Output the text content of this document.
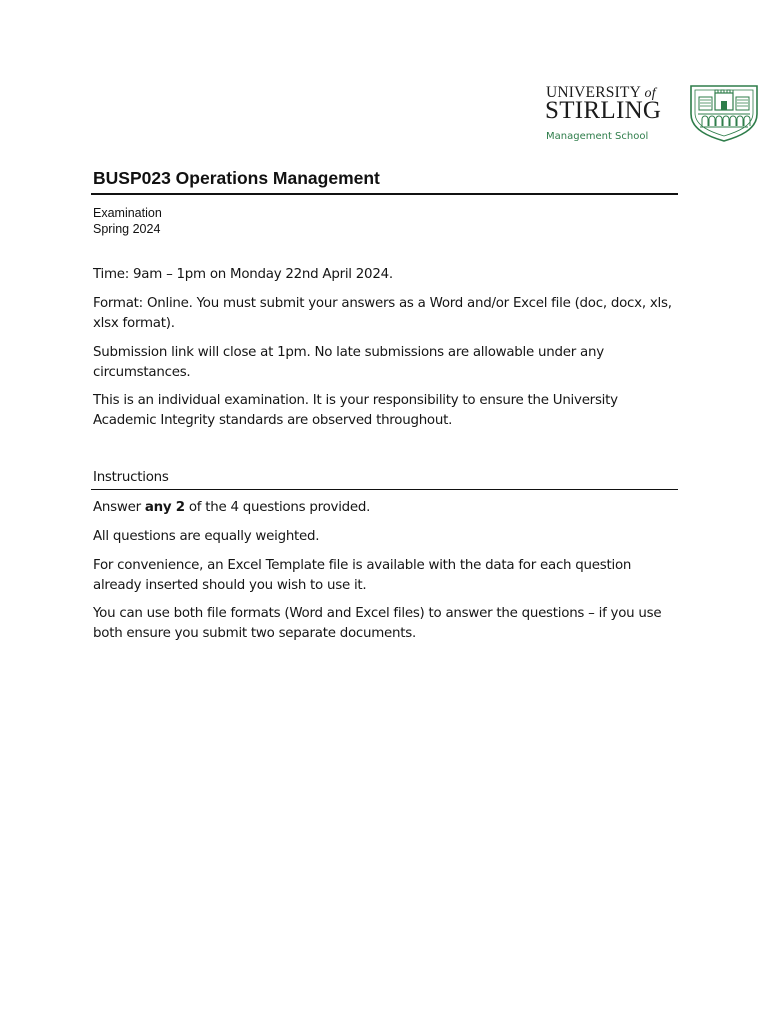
UNIVERSITY of
STIRLING
Management School
BUSP023 Operations Management
Examination
Spring 2024
Time: 9am – 1pm on Monday 22nd April 2024.
Format: Online. You must submit your answers as a Word and/or Excel file (doc, docx, xls, xlsx format).
Submission link will close at 1pm. No late submissions are allowable under any circumstances.
This is an individual examination. It is your responsibility to ensure the University Academic Integrity standards are observed throughout.
Instructions
Answer any 2 of the 4 questions provided.
All questions are equally weighted.
For convenience, an Excel Template file is available with the data for each question already inserted should you wish to use it.
You can use both file formats (Word and Excel files) to answer the questions – if you use both ensure you submit two separate documents.
